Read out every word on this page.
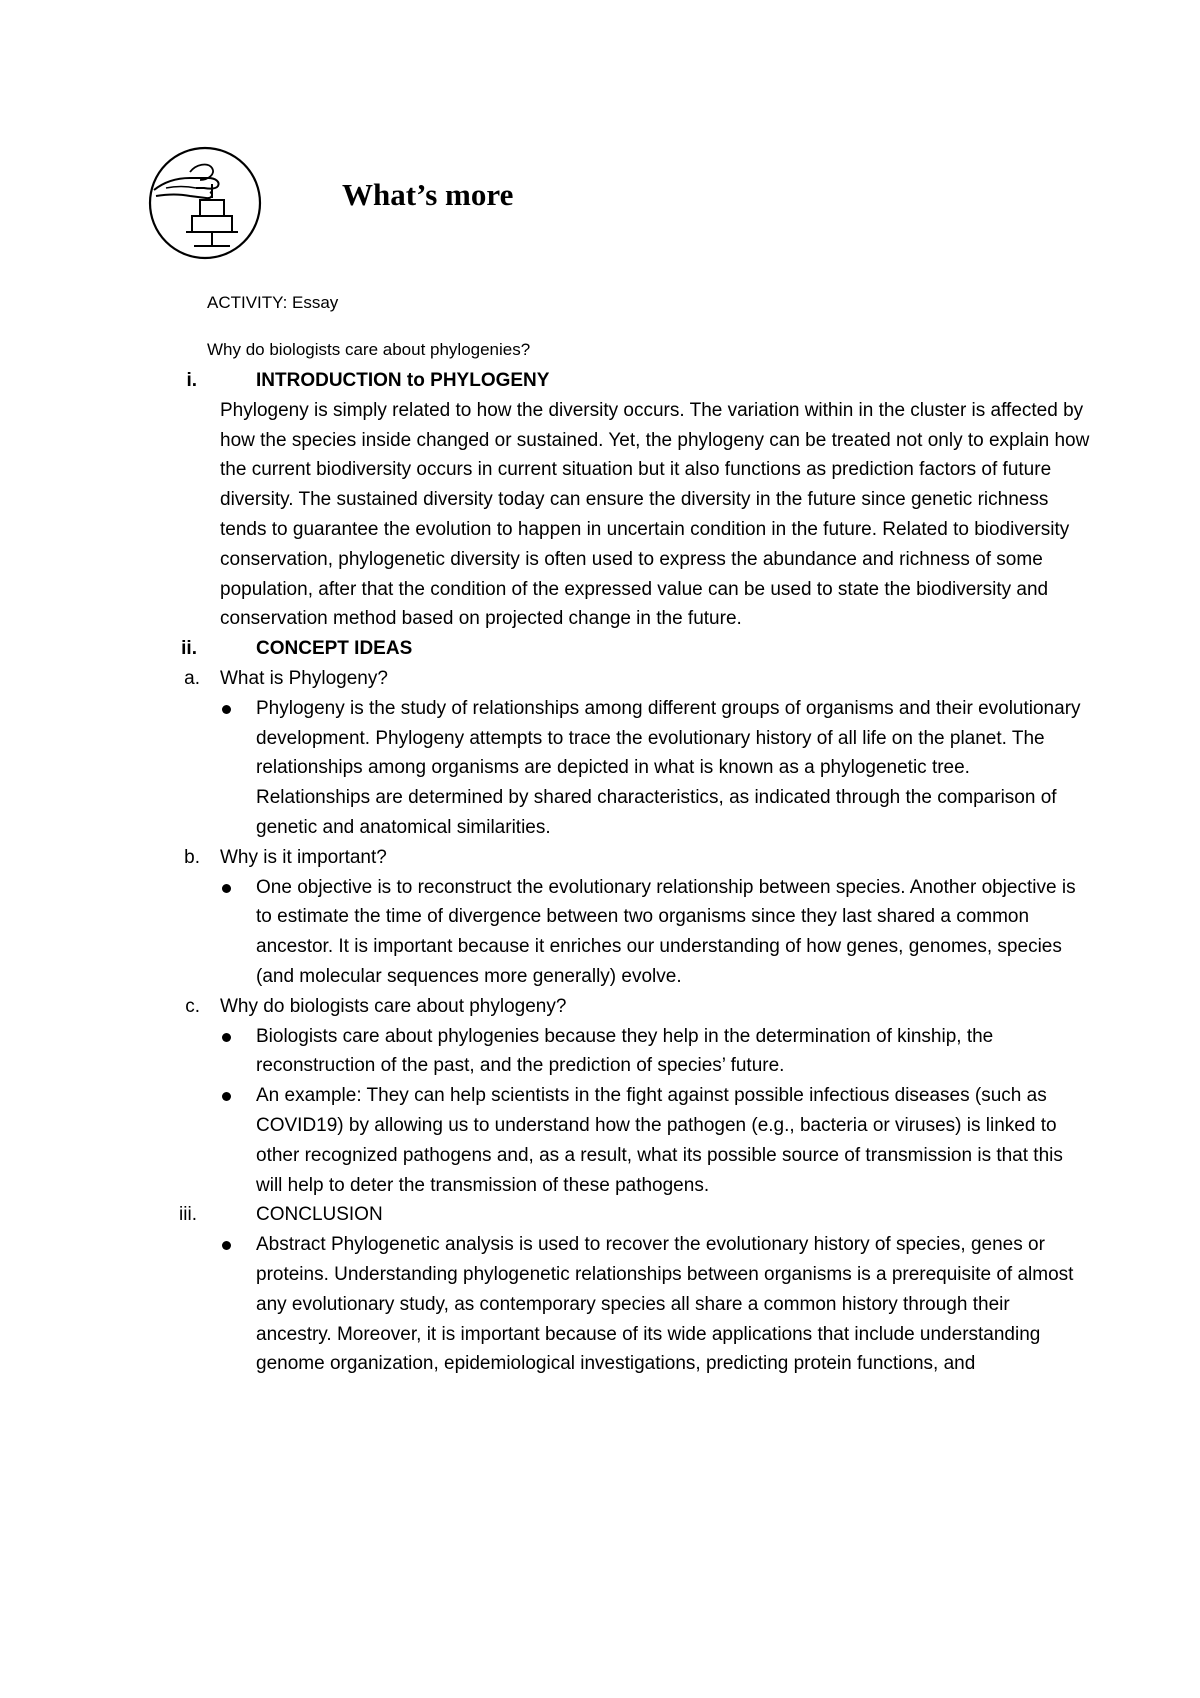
What’s more
ACTIVITY: Essay
Why do biologists care about phylogenies?
i.	INTRODUCTION to PHYLOGENY
Phylogeny is simply related to how the diversity occurs. The variation within in the cluster is affected by how the species inside changed or sustained. Yet, the phylogeny can be treated not only to explain how the current biodiversity occurs in current situation but it also functions as prediction factors of future diversity. The sustained diversity today can ensure the diversity in the future since genetic richness tends to guarantee the evolution to happen in uncertain condition in the future. Related to biodiversity conservation, phylogenetic diversity is often used to express the abundance and richness of some population, after that the condition of the expressed value can be used to state the biodiversity and conservation method based on projected change in the future.
ii.	CONCEPT IDEAS
a. What is Phylogeny?
Phylogeny is the study of relationships among different groups of organisms and their evolutionary development. Phylogeny attempts to trace the evolutionary history of all life on the planet. The relationships among organisms are depicted in what is known as a phylogenetic tree. Relationships are determined by shared characteristics, as indicated through the comparison of genetic and anatomical similarities.
b. Why is it important?
One objective is to reconstruct the evolutionary relationship between species. Another objective is to estimate the time of divergence between two organisms since they last shared a common ancestor. It is important because it enriches our understanding of how genes, genomes, species (and molecular sequences more generally) evolve.
c. Why do biologists care about phylogeny?
Biologists care about phylogenies because they help in the determination of kinship, the reconstruction of the past, and the prediction of species’ future.
An example: They can help scientists in the fight against possible infectious diseases (such as COVID19) by allowing us to understand how the pathogen (e.g., bacteria or viruses) is linked to other recognized pathogens and, as a result, what its possible source of transmission is that this will help to deter the transmission of these pathogens.
iii.	CONCLUSION
Abstract Phylogenetic analysis is used to recover the evolutionary history of species, genes or proteins. Understanding phylogenetic relationships between organisms is a prerequisite of almost any evolutionary study, as contemporary species all share a common history through their ancestry. Moreover, it is important because of its wide applications that include understanding genome organization, epidemiological investigations, predicting protein functions, and
